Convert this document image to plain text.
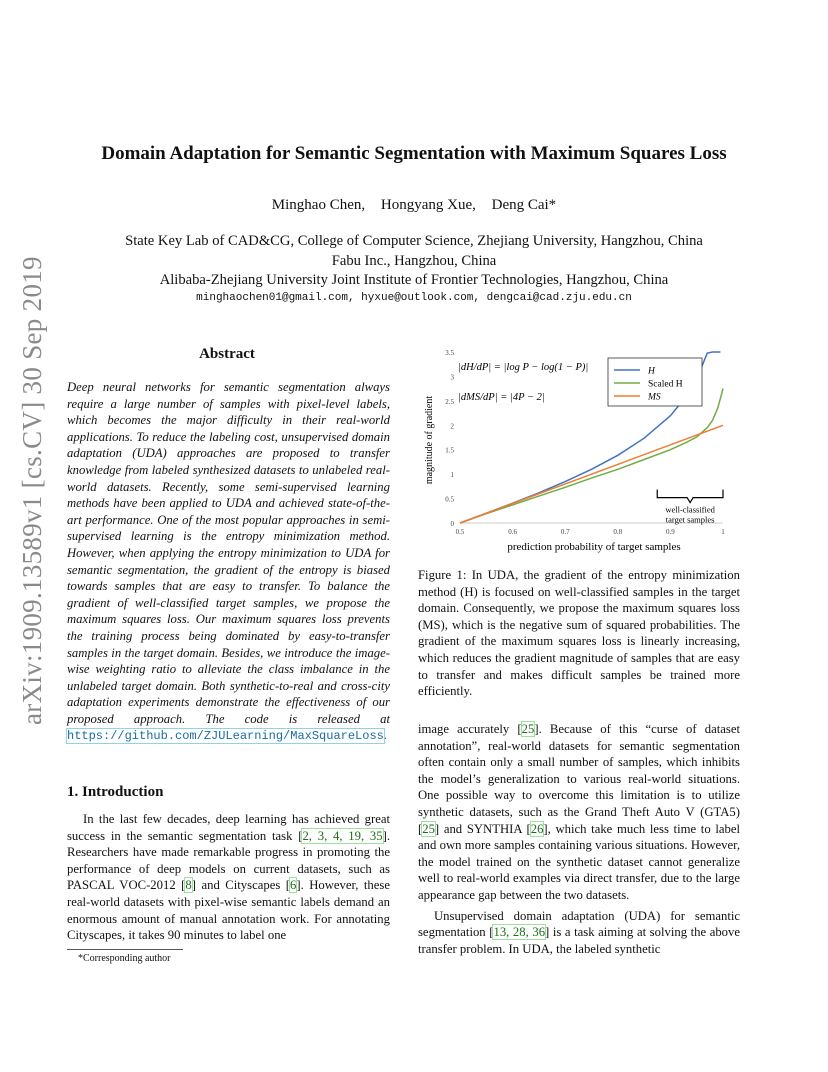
arXiv:1909.13589v1 [cs.CV] 30 Sep 2019
Domain Adaptation for Semantic Segmentation with Maximum Squares Loss
Minghao Chen, Hongyang Xue, Deng Cai*
State Key Lab of CAD&CG, College of Computer Science, Zhejiang University, Hangzhou, China
Fabu Inc., Hangzhou, China
Alibaba-Zhejiang University Joint Institute of Frontier Technologies, Hangzhou, China
minghaochen01@gmail.com, hyxue@outlook.com, dengcai@cad.zju.edu.cn
Abstract
Deep neural networks for semantic segmentation always require a large number of samples with pixel-level labels, which becomes the major difficulty in their real-world applications. To reduce the labeling cost, unsupervised domain adaptation (UDA) approaches are proposed to transfer knowledge from labeled synthesized datasets to unlabeled real-world datasets. Recently, some semi-supervised learning methods have been applied to UDA and achieved state-of-the-art performance. One of the most popular approaches in semi-supervised learning is the entropy minimization method. However, when applying the entropy minimization to UDA for semantic segmentation, the gradient of the entropy is biased towards samples that are easy to transfer. To balance the gradient of well-classified target samples, we propose the maximum squares loss. Our maximum squares loss prevents the training process being dominated by easy-to-transfer samples in the target domain. Besides, we introduce the image-wise weighting ratio to alleviate the class imbalance in the unlabeled target domain. Both synthetic-to-real and cross-city adaptation experiments demonstrate the effectiveness of our proposed approach. The code is released at https://github.com/ZJULearning/MaxSquareLoss.
1. Introduction

In the last few decades, deep learning has achieved great success in the semantic segmentation task [2, 3, 4, 19, 35]. Researchers have made remarkable progress in promoting the performance of deep models on current datasets, such as PASCAL VOC-2012 [8] and Cityscapes [6]. However, these real-world datasets with pixel-wise semantic labels demand an enormous amount of manual annotation work. For annotating Cityscapes, it takes 90 minutes to label one

*Corresponding author
0.5	0.6	0.7	0.8	0.9	1
0
0.5
1
1.5
2
2.5
3
3.5
well-classified
target samples
|dH/dP| = |log P − log(1 − P)|
|dMS/dP| = |4P − 2|
H
Scaled H
MS
prediction probability of target samples
magnitude of gradient
Figure 1: In UDA, the gradient of the entropy minimization method (H) is focused on well-classified samples in the target domain. Consequently, we propose the maximum squares loss (MS), which is the negative sum of squared probabilities. The gradient of the maximum squares loss is linearly increasing, which reduces the gradient magnitude of samples that are easy to transfer and makes difficult samples be trained more efficiently.

image accurately [25]. Because of this “curse of dataset annotation”, real-world datasets for semantic segmentation often contain only a small number of samples, which inhibits the model’s generalization to various real-world situations. One possible way to overcome this limitation is to utilize synthetic datasets, such as the Grand Theft Auto V (GTA5) [25] and SYNTHIA [26], which take much less time to label and own more samples containing various situations. However, the model trained on the synthetic dataset cannot generalize well to real-world examples via direct transfer, due to the large appearance gap between the two datasets.

Unsupervised domain adaptation (UDA) for semantic segmentation [13, 28, 36] is a task aiming at solving the above transfer problem. In UDA, the labeled synthetic
